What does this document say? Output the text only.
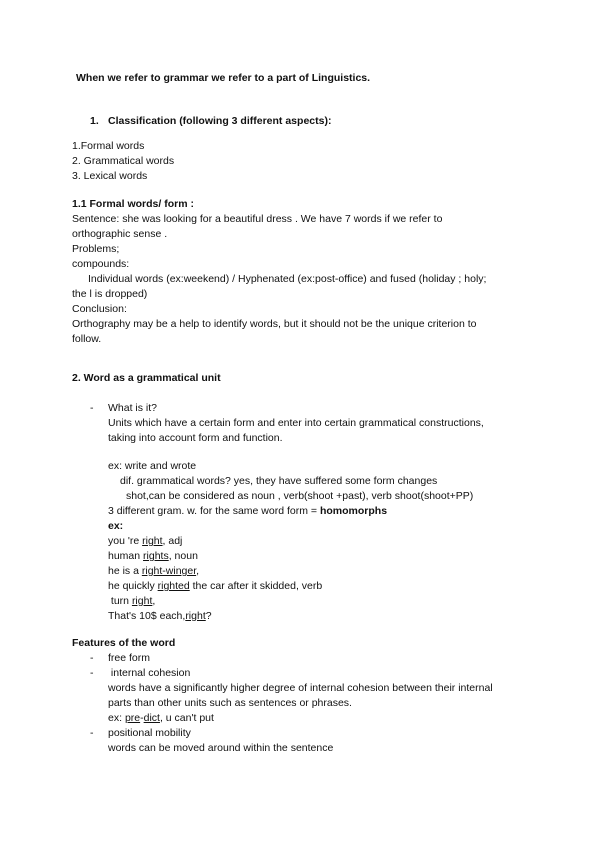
When we refer to grammar we refer to a part of Linguistics.
1. Classification (following 3 different aspects):
1.Formal words
2. Grammatical words
3. Lexical words
1.1 Formal words/ form :
Sentence: she was looking for a beautiful dress . We have 7 words if we refer to
orthographic sense .
Problems;
compounds:
Individual words (ex:weekend) / Hyphenated (ex:post-office) and fused (holiday ; holy;
the l is dropped)
Conclusion:
Orthography may be a help to identify words, but it should not be the unique criterion to
follow.
2. Word as a grammatical unit
- What is it?
Units which have a certain form and enter into certain grammatical constructions,
taking into account form and function.
ex: write and wrote
dif. grammatical words? yes, they have suffered some form changes
shot,can be considered as noun , verb(shoot +past), verb shoot(shoot+PP)
3 different gram. w. for the same word form = homomorphs
ex:
you 're right, adj
human rights, noun
he is a right-winger,
he quickly righted the car after it skidded, verb
turn right,
That's 10$ each,right?
Features of the word
- free form
- internal cohesion
words have a significantly higher degree of internal cohesion between their internal
parts than other units such as sentences or phrases.
ex: pre-dict, u can't put
- positional mobility
words can be moved around within the sentence
